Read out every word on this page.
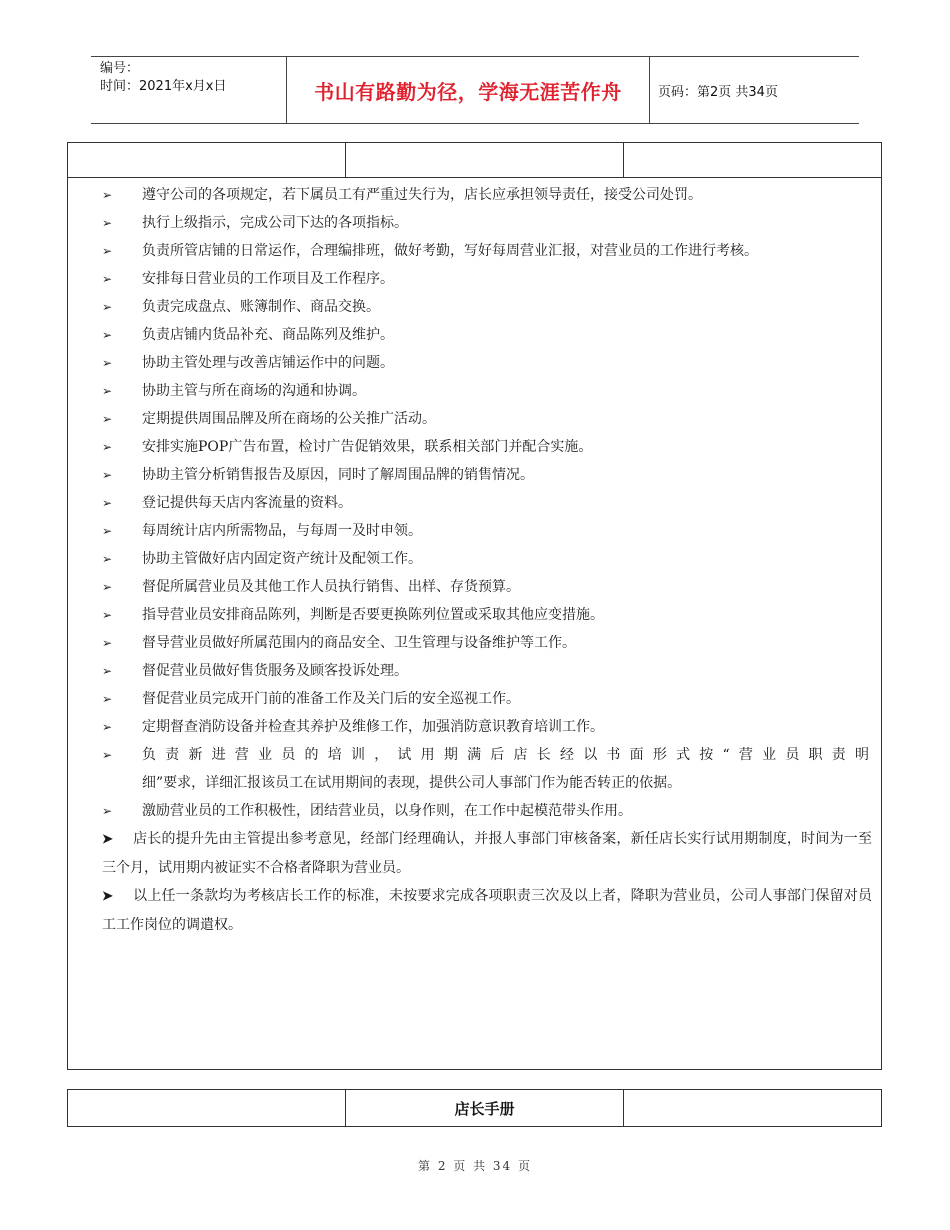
编号：
时间：2021年x月x日	书山有路勤为径，学海无涯苦作舟	页码：第2页 共34页
➢ 遵守公司的各项规定，若下属员工有严重过失行为，店长应承担领导责任，接受公司处罚。
➢ 执行上级指示，完成公司下达的各项指标。
➢ 负责所管店铺的日常运作，合理编排班，做好考勤，写好每周营业汇报，对营业员的工作进行考核。
➢ 安排每日营业员的工作项目及工作程序。
➢ 负责完成盘点、账簿制作、商品交换。
➢ 负责店铺内货品补充、商品陈列及维护。
➢ 协助主管处理与改善店铺运作中的问题。
➢ 协助主管与所在商场的沟通和协调。
➢ 定期提供周围品牌及所在商场的公关推广活动。
➢ 安排实施POP广告布置，检讨广告促销效果，联系相关部门并配合实施。
➢ 协助主管分析销售报告及原因，同时了解周围品牌的销售情况。
➢ 登记提供每天店内客流量的资料。
➢ 每周统计店内所需物品，与每周一及时申领。
➢ 协助主管做好店内固定资产统计及配领工作。
➢ 督促所属营业员及其他工作人员执行销售、出样、存货预算。
➢ 指导营业员安排商品陈列，判断是否要更换陈列位置或采取其他应变措施。
➢ 督导营业员做好所属范围内的商品安全、卫生管理与设备维护等工作。
➢ 督促营业员做好售货服务及顾客投诉处理。
➢ 督促营业员完成开门前的准备工作及关门后的安全巡视工作。
➢ 定期督查消防设备并检查其养护及维修工作，加强消防意识教育培训工作。
➢ 负责新进营业员的培训，试用期满后店长经以书面形式按“营业员职责明
细”要求，详细汇报该员工在试用期间的表现，提供公司人事部门作为能否转正的依据。
➢ 激励营业员的工作积极性，团结营业员，以身作则，在工作中起模范带头作用。
➤ 店长的提升先由主管提出参考意见，经部门经理确认，并报人事部门审核备案，新任店长实行试用期制度，时间为一至三个月，试用期内被证实不合格者降职为营业员。
➤ 以上任一条款均为考核店长工作的标准，未按要求完成各项职责三次及以上者，降职为营业员，公司人事部门保留对员工工作岗位的调遣权。
店长手册
第 2 页 共 34 页
